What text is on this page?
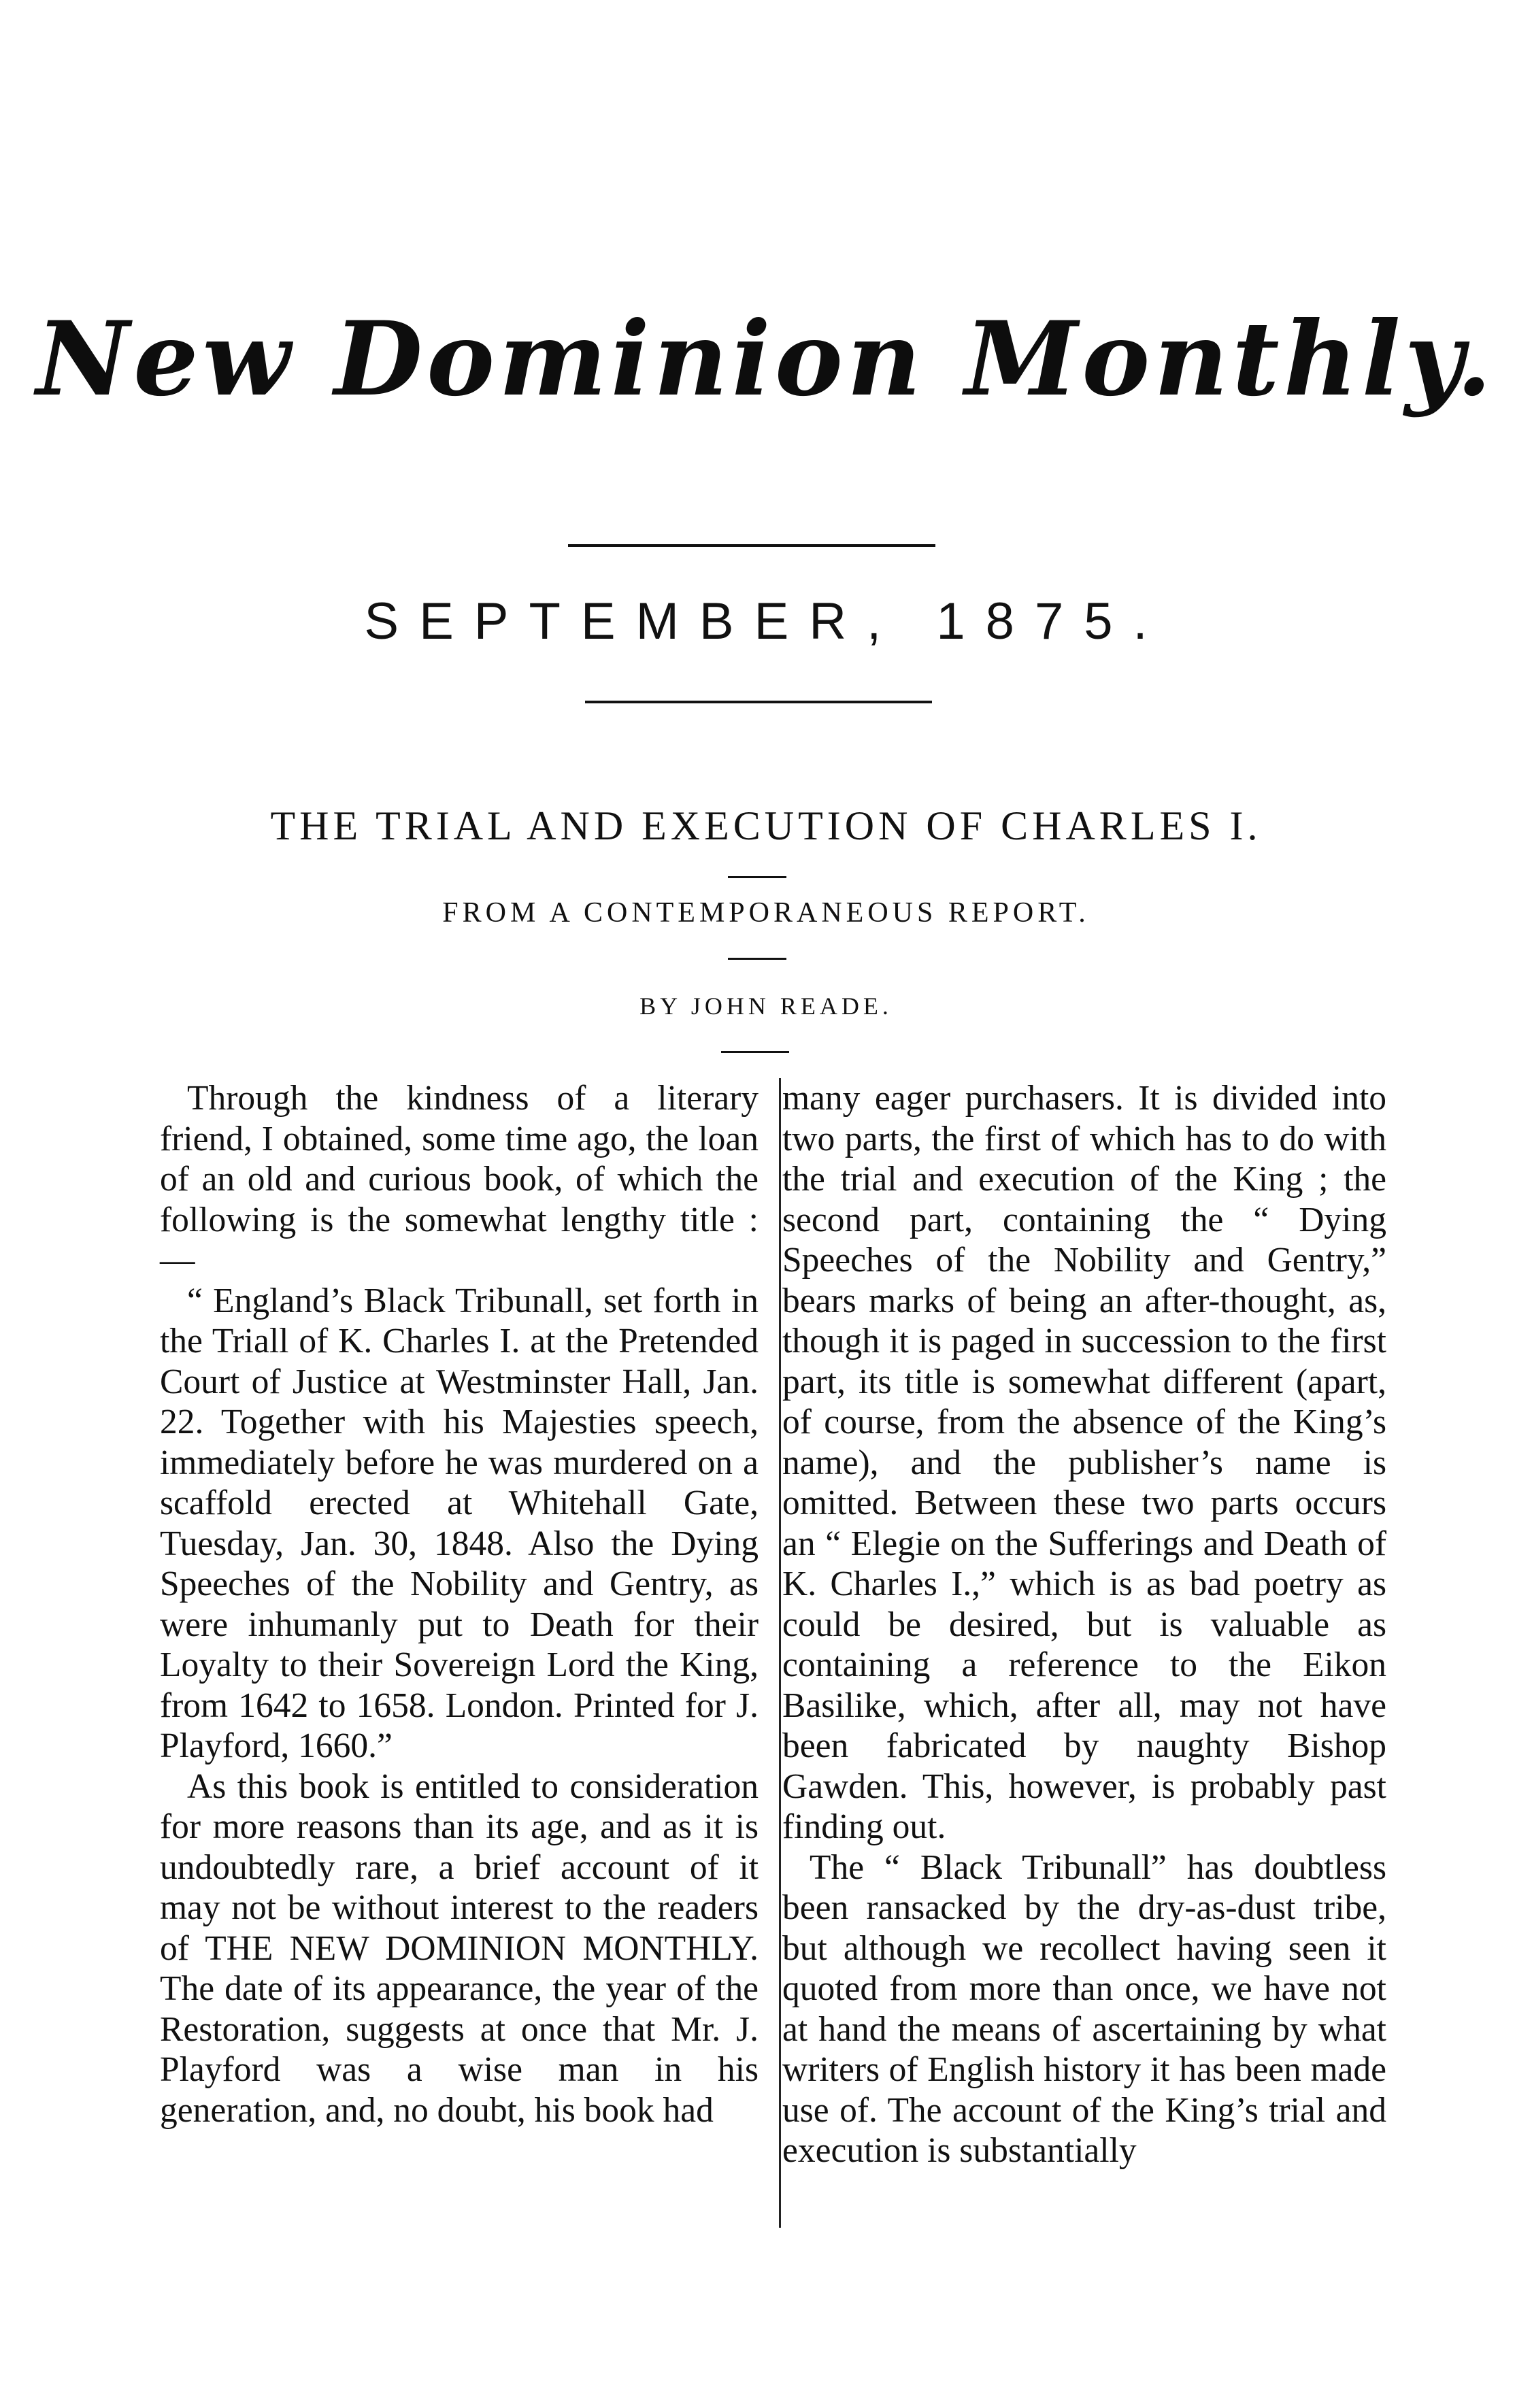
New Dominion Monthly.
SEPTEMBER, 1875.
THE TRIAL AND EXECUTION OF CHARLES I.
FROM A CONTEMPORANEOUS REPORT.
BY JOHN READE.

Through the kindness of a literary friend, I obtained, some time ago, the loan of an old and curious book, of which the following is the somewhat lengthy title :—

“ England’s Black Tribunall, set forth in the Triall of K. Charles I. at the Pretended Court of Justice at Westminster Hall, Jan. 22. Together with his Majesties speech, immediately before he was murdered on a scaffold erected at Whitehall Gate, Tuesday, Jan. 30, 1848. Also the Dying Speeches of the Nobility and Gentry, as were inhumanly put to Death for their Loyalty to their Sovereign Lord the King, from 1642 to 1658. London. Printed for J. Playford, 1660.”

As this book is entitled to consideration for more reasons than its age, and as it is undoubtedly rare, a brief account of it may not be without interest to the readers of THE NEW DOMINION MONTHLY. The date of its appearance, the year of the Restoration, suggests at once that Mr. J. Playford was a wise man in his generation, and, no doubt, his book had

many eager purchasers. It is divided into two parts, the first of which has to do with the trial and execution of the King ; the second part, containing the “ Dying Speeches of the Nobility and Gentry,” bears marks of being an after-thought, as, though it is paged in succession to the first part, its title is somewhat different (apart, of course, from the absence of the King’s name), and the publisher’s name is omitted. Between these two parts occurs an “ Elegie on the Sufferings and Death of K. Charles I.,” which is as bad poetry as could be desired, but is valuable as containing a reference to the Eikon Basilike, which, after all, may not have been fabricated by naughty Bishop Gawden. This, however, is probably past finding out.

The “ Black Tribunall” has doubtless been ransacked by the dry-as-dust tribe, but although we recollect having seen it quoted from more than once, we have not at hand the means of ascertaining by what writers of English history it has been made use of. The account of the King’s trial and execution is substantially
